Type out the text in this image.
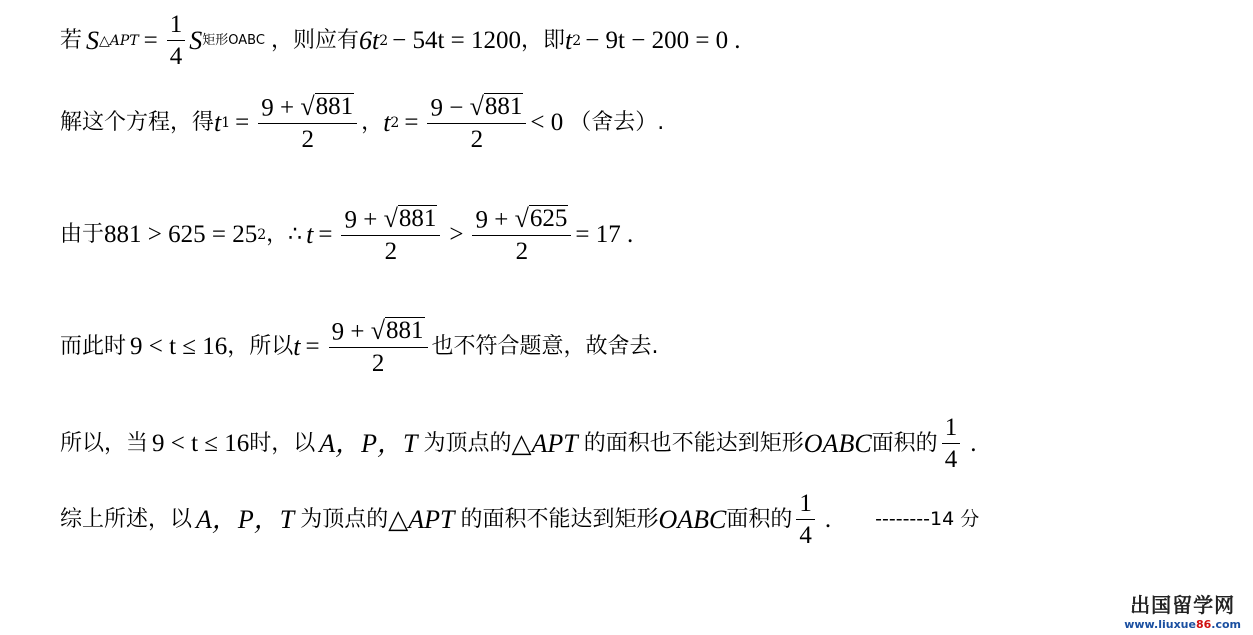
若 S △APT = $\frac{1}{4}$ S 矩形OABC ，则应有 6t 2 − 54t = 1200 ，即 t 2 − 9t − 200 = 0 .
解这个方程，得 t $1 = \frac{9 + √ 881}{2}$ ， t $2 = \frac{9 - √ 881}{2} < 0$ （舍去）.
由于 881 > 625 = 25 2 ，∴ $t = \frac{9 + √ 881}{2} > \frac{9 + √ 625}{2} = 17$ .
而此时 9 < t ≤ 16 ，所以 $t = \frac{9 + √ 881}{2}$ 也不符合题意，故舍去.
所以，当 9 < t ≤ 16 时，以 A，P，T 为顶点的 △APT 的面积也不能达到矩形 OABC 面积的 $\frac{1}{4}$ .
综上所述，以 A，P，T 为顶点的 △APT 的面积不能达到矩形 OABC 面积的 $\frac{1}{4}$ . --------14 分
出国留学网
www.liuxue86.com
